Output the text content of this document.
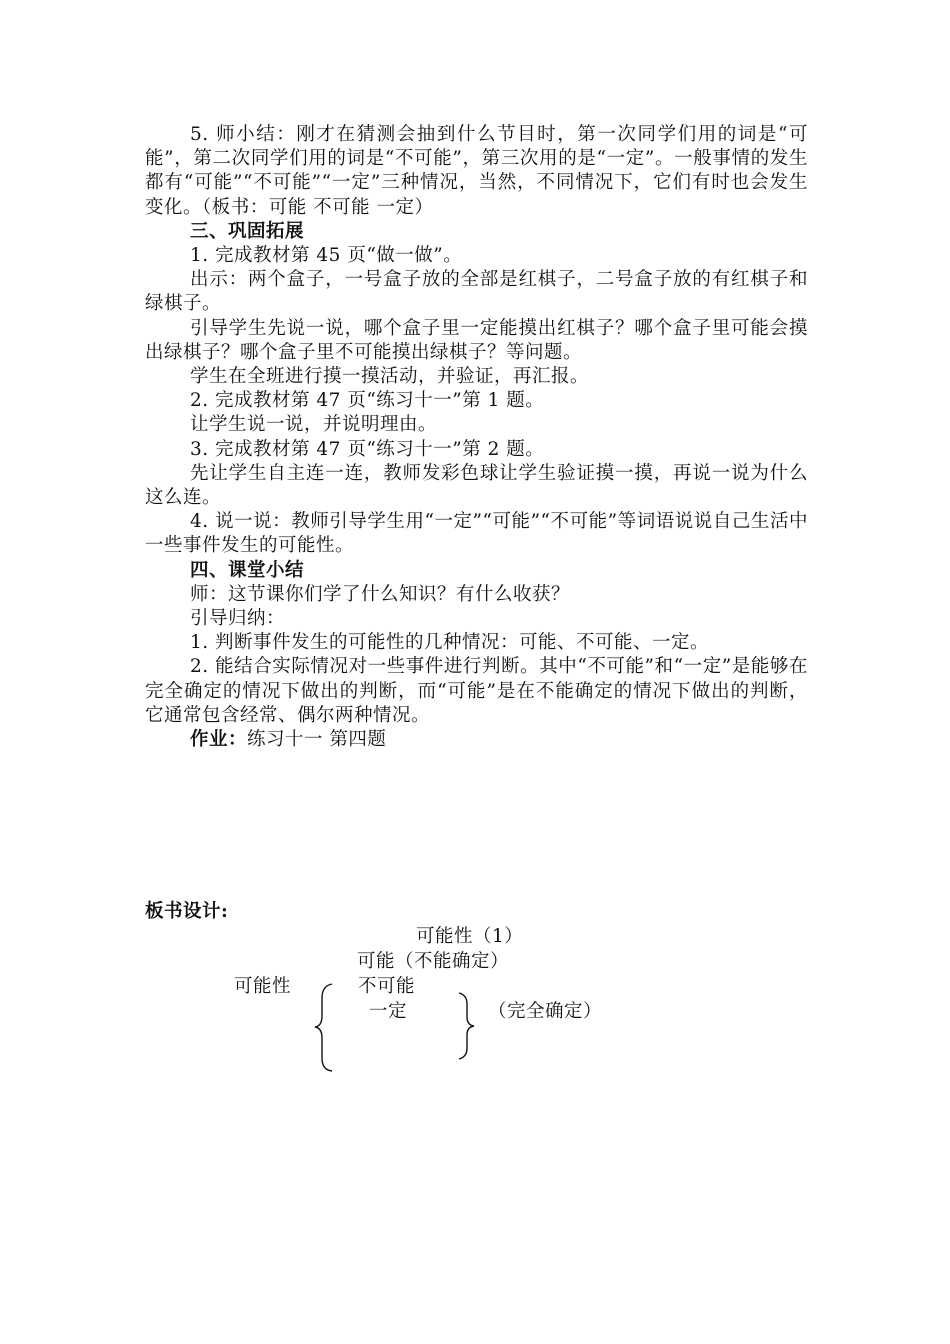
5. 师小结：刚才在猜测会抽到什么节目时，第一次同学们用的词是“可能”，第二次同学们用的词是“不可能”，第三次用的是“一定”。一般事情的发生都有“可能”“不可能”“一定”三种情况，当然，不同情况下，它们有时也会发生变化。（板书：可能 不可能 一定）

三、巩固拓展

1. 完成教材第 45 页“做一做”。

出示：两个盒子，一号盒子放的全部是红棋子，二号盒子放的有红棋子和绿棋子。

引导学生先说一说，哪个盒子里一定能摸出红棋子？哪个盒子里可能会摸出绿棋子？哪个盒子里不可能摸出绿棋子？等问题。

学生在全班进行摸一摸活动，并验证，再汇报。

2. 完成教材第 47 页“练习十一”第 1 题。

让学生说一说，并说明理由。

3. 完成教材第 47 页“练习十一”第 2 题。

先让学生自主连一连，教师发彩色球让学生验证摸一摸，再说一说为什么这么连。

4. 说一说：教师引导学生用“一定”“可能”“不可能”等词语说说自己生活中一些事件发生的可能性。

四、课堂小结

师：这节课你们学了什么知识？有什么收获？

引导归纳：

1. 判断事件发生的可能性的几种情况：可能、不可能、一定。

2. 能结合实际情况对一些事件进行判断。其中“不可能”和“一定”是能够在完全确定的情况下做出的判断，而“可能”是在不能确定的情况下做出的判断，它通常包含经常、偶尔两种情况。

作业：练习十一 第四题

板书设计:
可能性（1）
可能（不能确定）
可能性	不可能
一定	（完全确定）
